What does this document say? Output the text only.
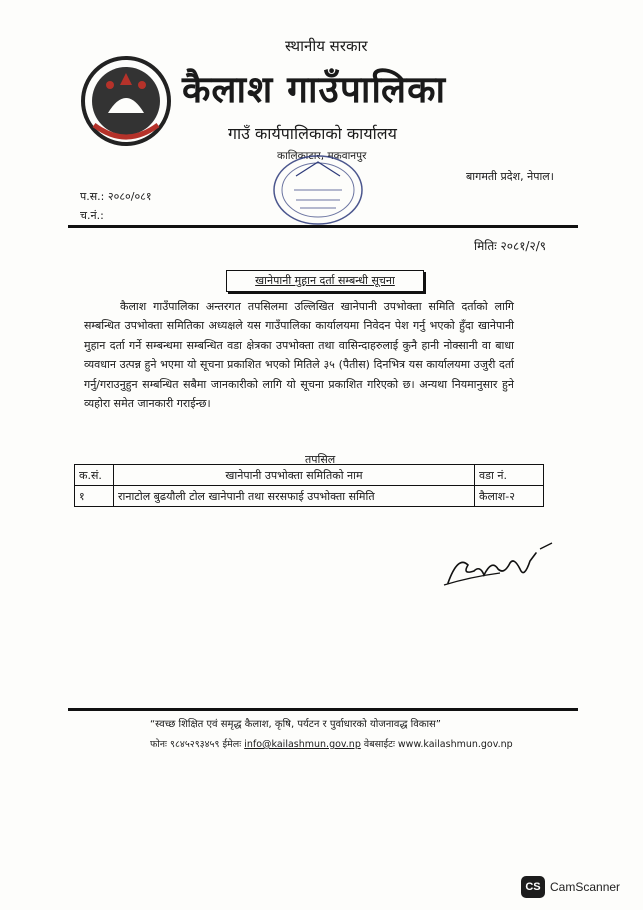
स्थानीय सरकार
कैलाश गाउँपालिका
गाउँ कार्यपालिकाको कार्यालय
कालिकाटार, मकवानपुर
बागमती प्रदेश, नेपाल।
प.स.: २०८०/०८१
च.नं.:
मितिः २०८१/२/९
खानेपानी मुहान दर्ता सम्बन्धी सूचना
कैलाश गाउँपालिका अन्तरगत तपसिलमा उल्लिखित खानेपानी उपभोक्ता समिति दर्ताको लागि सम्बन्धित उपभोक्ता समितिका अध्यक्षले यस गाउँपालिका कार्यालयमा निवेदन पेश गर्नु भएको हुँदा खानेपानी मुहान दर्ता गर्ने सम्बन्धमा सम्बन्धित वडा क्षेत्रका उपभोक्ता तथा वासिन्दाहरुलाई कुनै हानी नोक्सानी वा बाधा व्यवधान उत्पन्न हुने भएमा यो सूचना प्रकाशित भएको मितिले ३५ (पैतीस) दिनभित्र यस कार्यालयमा उजुरी दर्ता गर्नु/गराउनुहुन सम्बन्धित सबैमा जानकारीको लागि यो सूचना प्रकाशित गरिएको छ। अन्यथा नियमानुसार हुने व्यहोरा समेत जानकारी गराईन्छ।
तपसिल
क.सं.	खानेपानी उपभोक्ता समितिको नाम	वडा नं.
१	रानाटोल बुढयौली टोल खानेपानी तथा सरसफाई उपभोक्ता समिति	कैलाश-२
“स्वच्छ शिक्षित एवं समृद्ध कैलाश, कृषि, पर्यटन र पुर्वाधारको योजनावद्ध विकास”
फोनः ९८४५२९३४५९ ईमेलः info@kailashmun.gov.np वेबसाईटः www.kailashmun.gov.np
CS CamScanner
